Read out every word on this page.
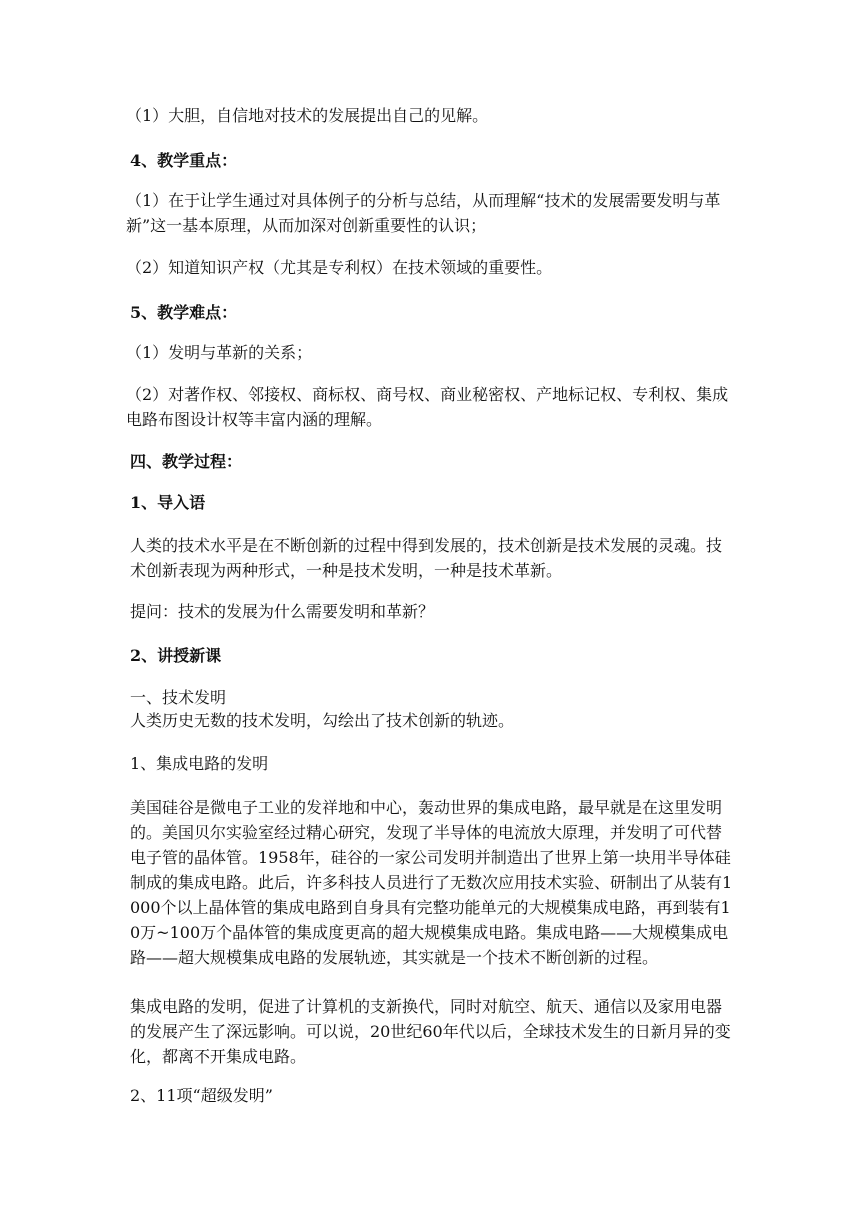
（1）大胆，自信地对技术的发展提出自己的见解。

4、教学重点：

（1）在于让学生通过对具体例子的分析与总结，从而理解“技术的发展需要发明与革新”这一基本原理，从而加深对创新重要性的认识；

（2）知道知识产权（尤其是专利权）在技术领域的重要性。

5、教学难点：

（1）发明与革新的关系；

（2）对著作权、邻接权、商标权、商号权、商业秘密权、产地标记权、专利权、集成电路布图设计权等丰富内涵的理解。

四、教学过程：

1、导入语

人类的技术水平是在不断创新的过程中得到发展的，技术创新是技术发展的灵魂。技术创新表现为两种形式，一种是技术发明，一种是技术革新。

提问：技术的发展为什么需要发明和革新？

2、讲授新课

一、技术发明

人类历史无数的技术发明，勾绘出了技术创新的轨迹。

1、集成电路的发明

美国硅谷是微电子工业的发祥地和中心，轰动世界的集成电路，最早就是在这里发明的。美国贝尔实验室经过精心研究，发现了半导体的电流放大原理，并发明了可代替电子管的晶体管。1958年，硅谷的一家公司发明并制造出了世界上第一块用半导体硅制成的集成电路。此后，许多科技人员进行了无数次应用技术实验、研制出了从装有1000个以上晶体管的集成电路到自身具有完整功能单元的大规模集成电路，再到装有10万~100万个晶体管的集成度更高的超大规模集成电路。集成电路——大规模集成电路——超大规模集成电路的发展轨迹，其实就是一个技术不断创新的过程。

集成电路的发明，促进了计算机的支新换代，同时对航空、航天、通信以及家用电器的发展产生了深远影响。可以说，20世纪60年代以后，全球技术发生的日新月异的变化，都离不开集成电路。

2、11项“超级发明”
